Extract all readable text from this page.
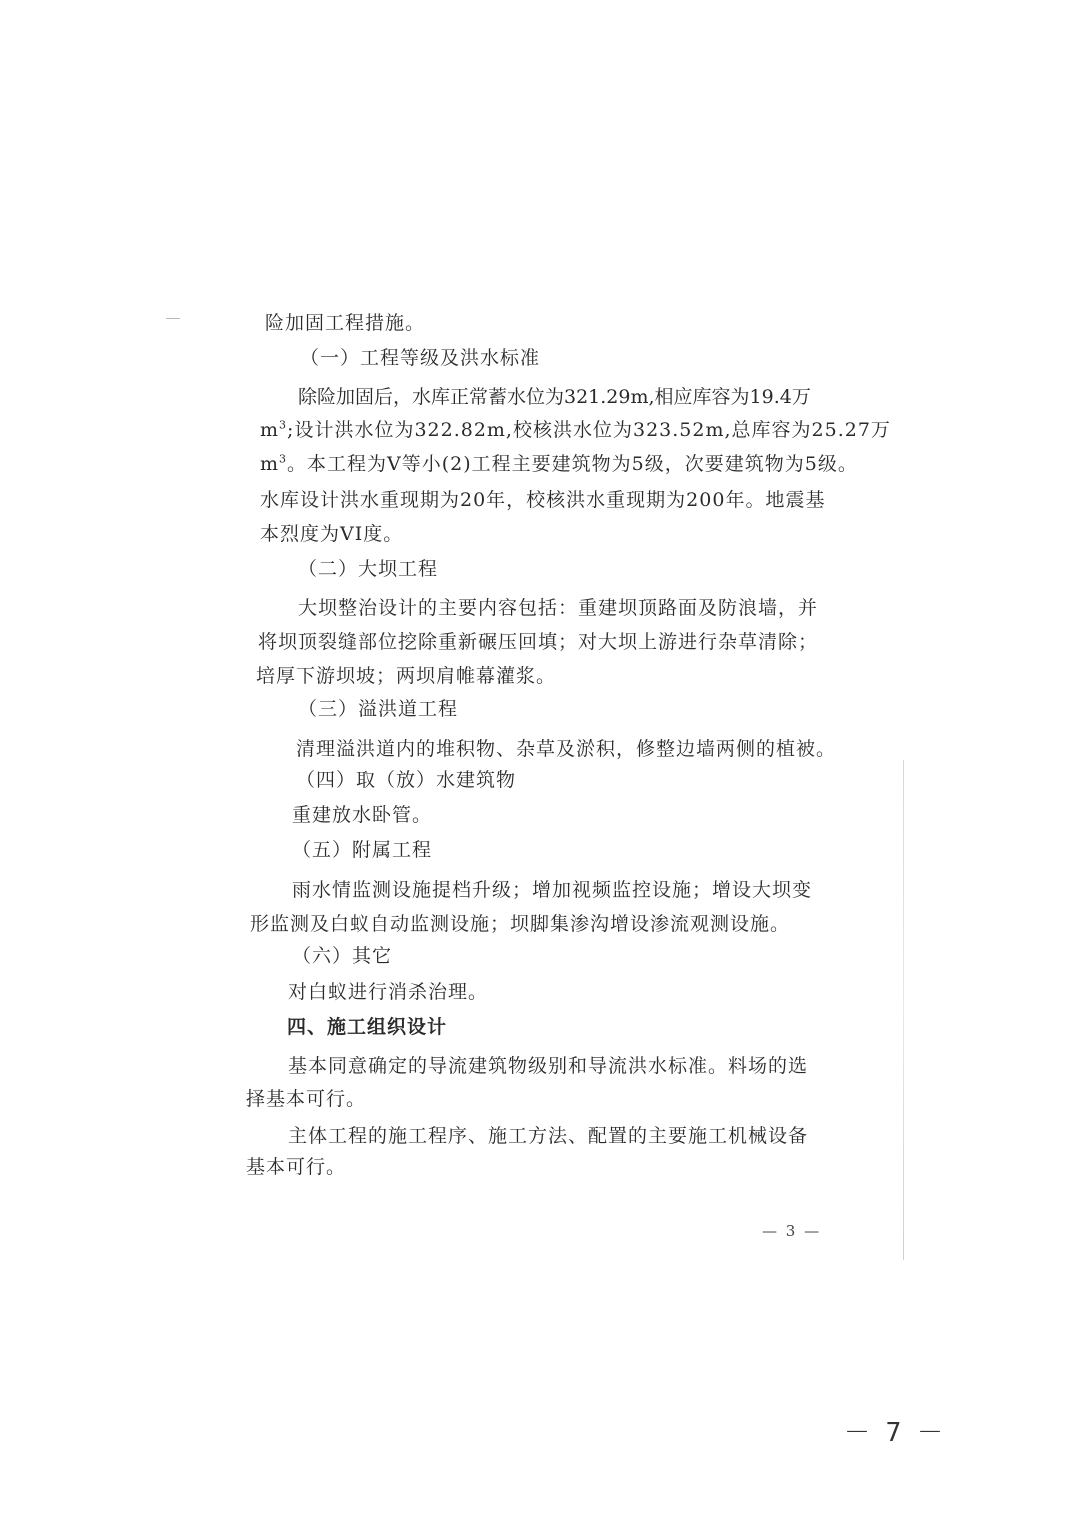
险加固工程措施。
（一）工程等级及洪水标准
除险加固后，水库正常蓄水位为321.29m,相应库容为19.4万
$m^3$;设计洪水位为322.82m,校核洪水位为323.52m,总库容为25.27万
$m^3$。本工程为V等小(2)工程主要建筑物为5级，次要建筑物为5级。
水库设计洪水重现期为20年，校核洪水重现期为200年。地震基
本烈度为VI度。
（二）大坝工程
大坝整治设计的主要内容包括：重建坝顶路面及防浪墙，并
将坝顶裂缝部位挖除重新碾压回填；对大坝上游进行杂草清除；
培厚下游坝坡；两坝肩帷幕灌浆。
（三）溢洪道工程
清理溢洪道内的堆积物、杂草及淤积，修整边墙两侧的植被。
（四）取（放）水建筑物
重建放水卧管。
（五）附属工程
雨水情监测设施提档升级；增加视频监控设施；增设大坝变
形监测及白蚁自动监测设施；坝脚集渗沟增设渗流观测设施。
（六）其它
对白蚁进行消杀治理。
四、施工组织设计
基本同意确定的导流建筑物级别和导流洪水标准。料场的选
择基本可行。
主体工程的施工程序、施工方法、配置的主要施工机械设备
基本可行。
— 3 —
－ 7 －
